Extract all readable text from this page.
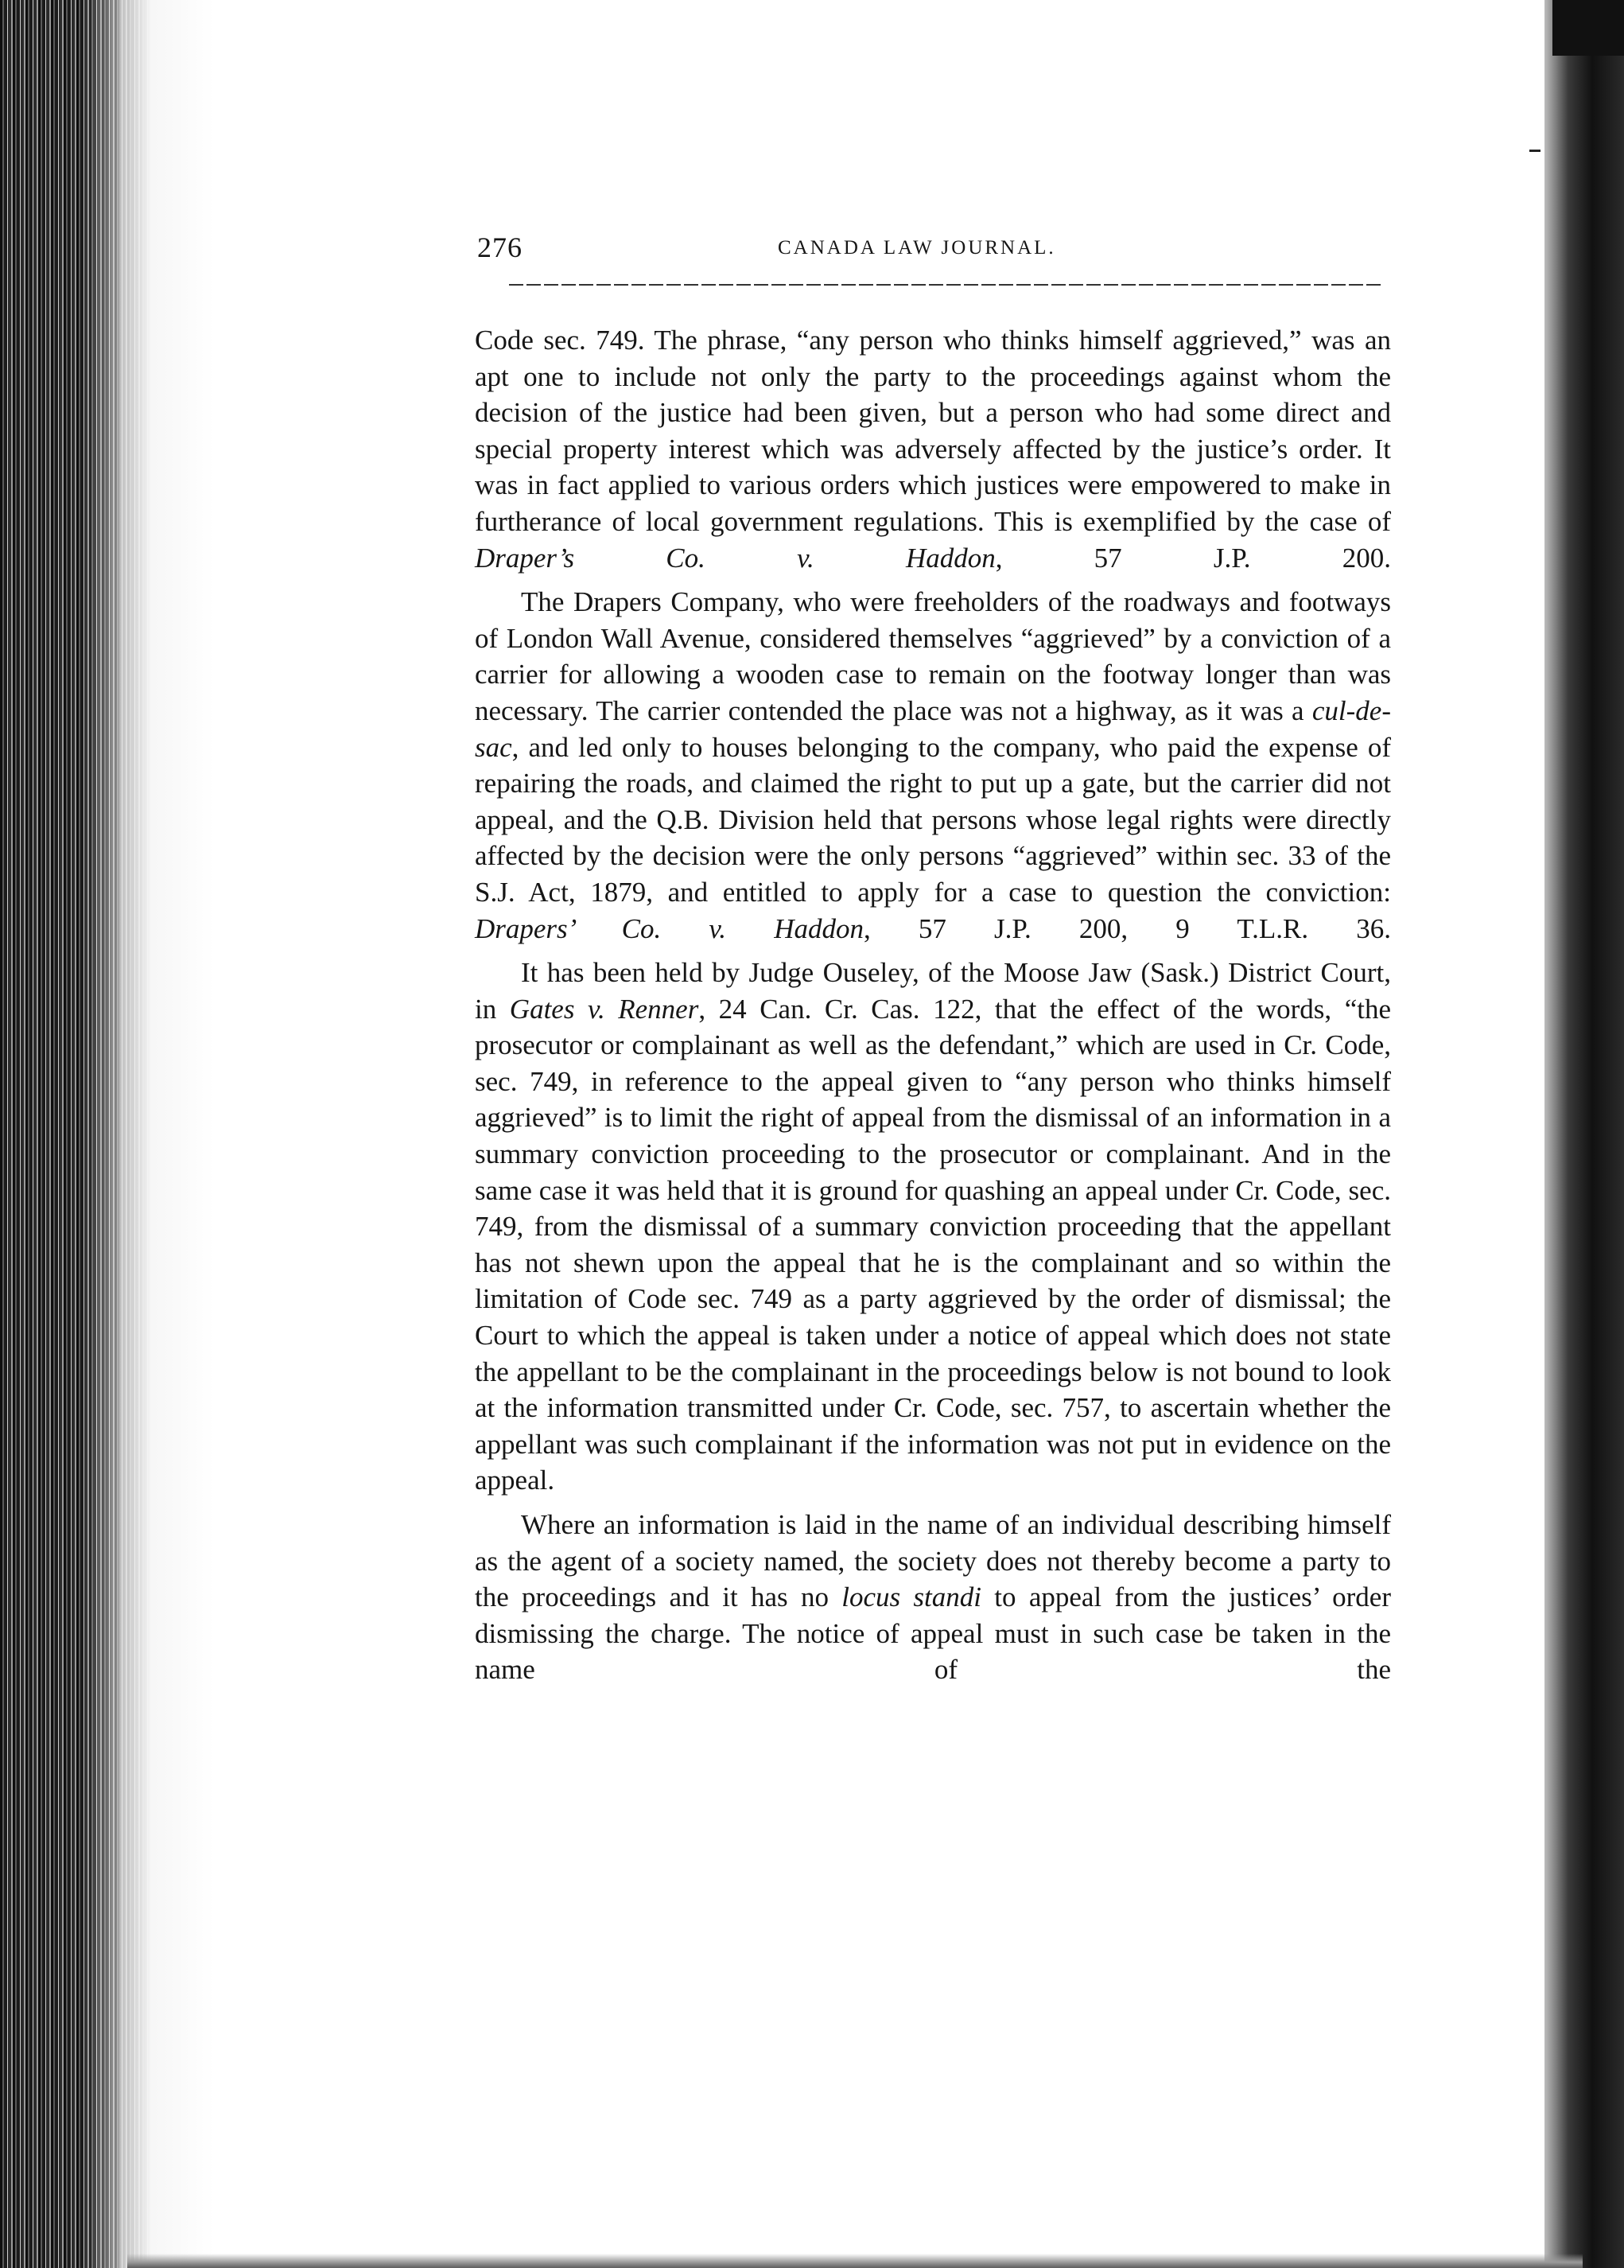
276	CANADA LAW JOURNAL.

Code sec. 749. The phrase, “any person who thinks himself aggrieved,” was an apt one to include not only the party to the proceedings against whom the decision of the justice had been given, but a person who had some direct and special property interest which was adversely affected by the justice’s order. It was in fact applied to various orders which justices were empowered to make in furtherance of local government regulations. This is exemplified by the case of Draper’s Co. v. Haddon, 57 J.P. 200.

The Drapers Company, who were freeholders of the roadways and footways of London Wall Avenue, considered themselves “aggrieved” by a conviction of a carrier for allowing a wooden case to remain on the footway longer than was necessary. The carrier contended the place was not a highway, as it was a cul-de-sac, and led only to houses belonging to the company, who paid the expense of repairing the roads, and claimed the right to put up a gate, but the carrier did not appeal, and the Q.B. Division held that persons whose legal rights were directly affected by the decision were the only persons “aggrieved” within sec. 33 of the S.J. Act, 1879, and entitled to apply for a case to question the conviction: Drapers’ Co. v. Haddon, 57 J.P. 200, 9 T.L.R. 36.

It has been held by Judge Ouseley, of the Moose Jaw (Sask.) District Court, in Gates v. Renner, 24 Can. Cr. Cas. 122, that the effect of the words, “the prosecutor or complainant as well as the defendant,” which are used in Cr. Code, sec. 749, in reference to the appeal given to “any person who thinks himself aggrieved” is to limit the right of appeal from the dismissal of an information in a summary conviction proceeding to the prosecutor or complainant. And in the same case it was held that it is ground for quashing an appeal under Cr. Code, sec. 749, from the dismissal of a summary conviction proceeding that the appellant has not shewn upon the appeal that he is the complainant and so within the limitation of Code sec. 749 as a party aggrieved by the order of dismissal; the Court to which the appeal is taken under a notice of appeal which does not state the appellant to be the complainant in the proceedings below is not bound to look at the information transmitted under Cr. Code, sec. 757, to ascertain whether the appellant was such complainant if the information was not put in evidence on the appeal.

Where an information is laid in the name of an individual describing himself as the agent of a society named, the society does not thereby become a party to the proceedings and it has no locus standi to appeal from the justices’ order dismissing the charge. The notice of appeal must in such case be taken in the name of the
